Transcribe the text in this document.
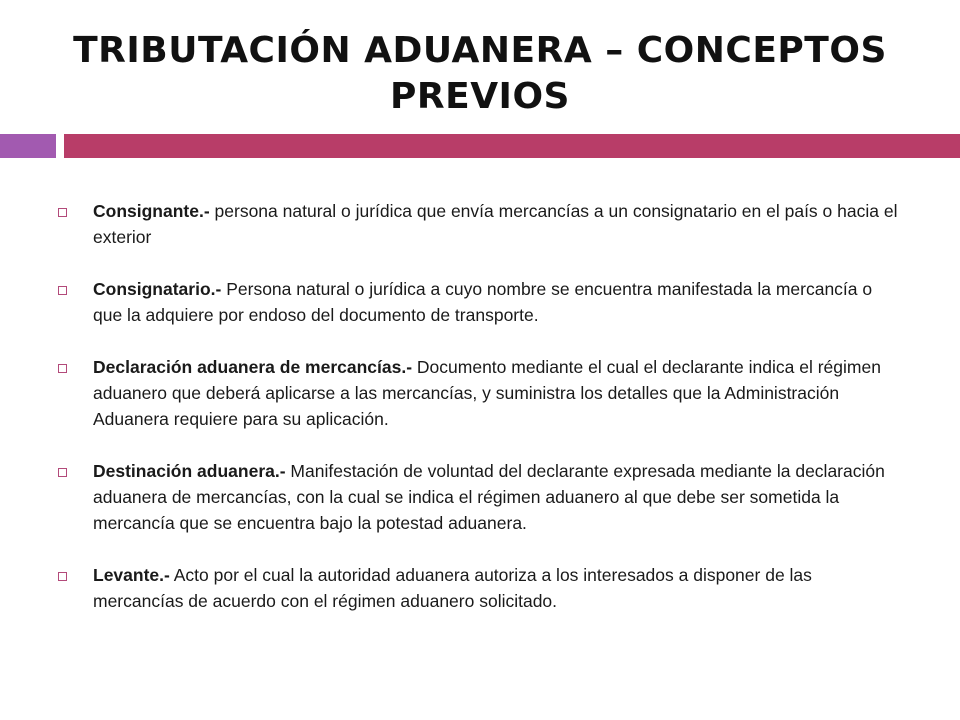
TRIBUTACIÓN ADUANERA – CONCEPTOS PREVIOS
Consignante.- persona natural o jurídica que envía mercancías a un consignatario en el país o hacia el exterior
Consignatario.- Persona natural o jurídica a cuyo nombre se encuentra manifestada la mercancía o que la adquiere por endoso del documento de transporte.
Declaración aduanera de mercancías.- Documento mediante el cual el declarante indica el régimen aduanero que deberá aplicarse a las mercancías, y suministra los detalles que la Administración Aduanera requiere para su aplicación.
Destinación aduanera.- Manifestación de voluntad del declarante expresada mediante la declaración aduanera de mercancías, con la cual se indica el régimen aduanero al que debe ser sometida la mercancía que se encuentra bajo la potestad aduanera.
Levante.- Acto por el cual la autoridad aduanera autoriza a los interesados a disponer de las mercancías de acuerdo con el régimen aduanero solicitado.
